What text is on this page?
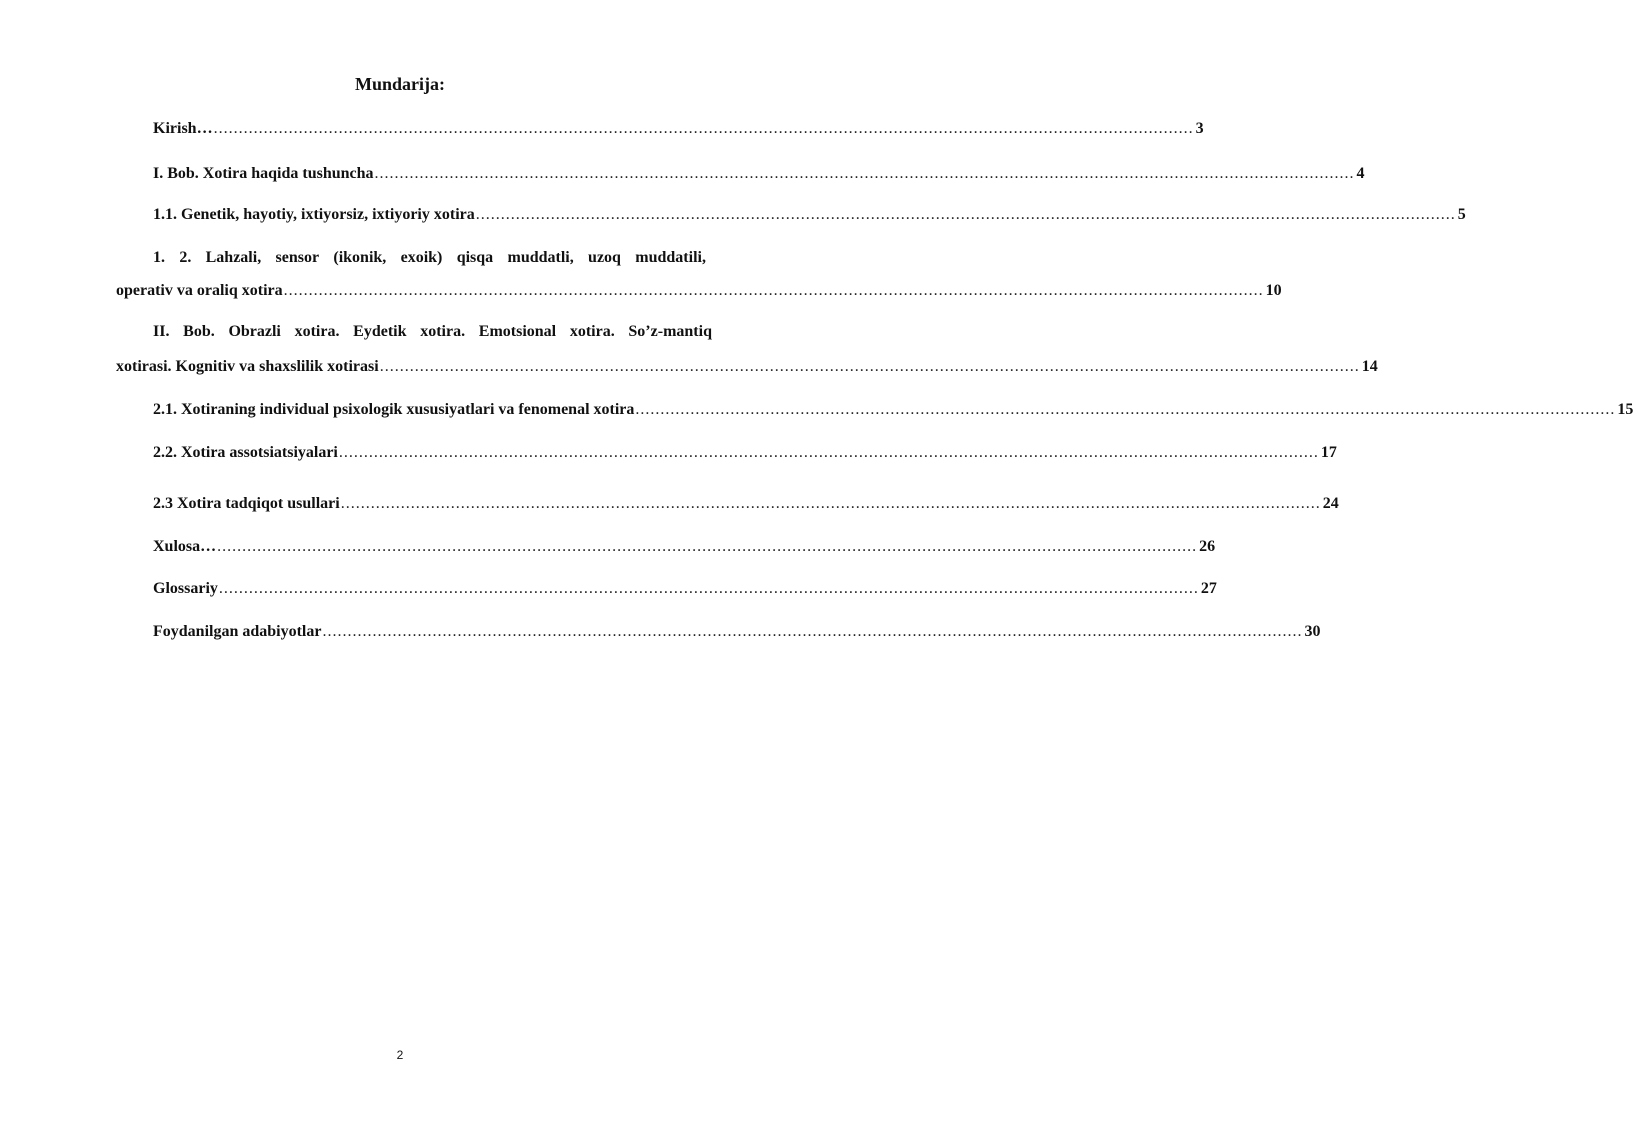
Mundarija:
Kirish… .................................................................................................................................................................................................... 3
I. Bob. Xotira haqida tushuncha .................................................................................................................................................................................................... 4
1.1. Genetik, hayotiy, ixtiyorsiz, ixtiyoriy xotira .................................................................................................................................................................................................... 5
1. 2. Lahzali, sensor (ikonik, exoik) qisqa muddatli, uzoq muddatili,
operativ va oraliq xotira .................................................................................................................................................................................................... 10
II. Bob. Obrazli xotira. Eydetik xotira. Emotsional xotira. So’z-mantiq
xotirasi. Kognitiv va shaxslilik xotirasi .................................................................................................................................................................................................... 14
2.1. Xotiraning individual psixologik xususiyatlari va fenomenal xotira .................................................................................................................................................................................................... 15
2.2. Xotira assotsiatsiyalari .................................................................................................................................................................................................... 17
2.3 Xotira tadqiqot usullari .................................................................................................................................................................................................... 24
Xulosa… .................................................................................................................................................................................................... 26
Glossariy .................................................................................................................................................................................................... 27
Foydanilgan adabiyotlar .................................................................................................................................................................................................... 30
2
